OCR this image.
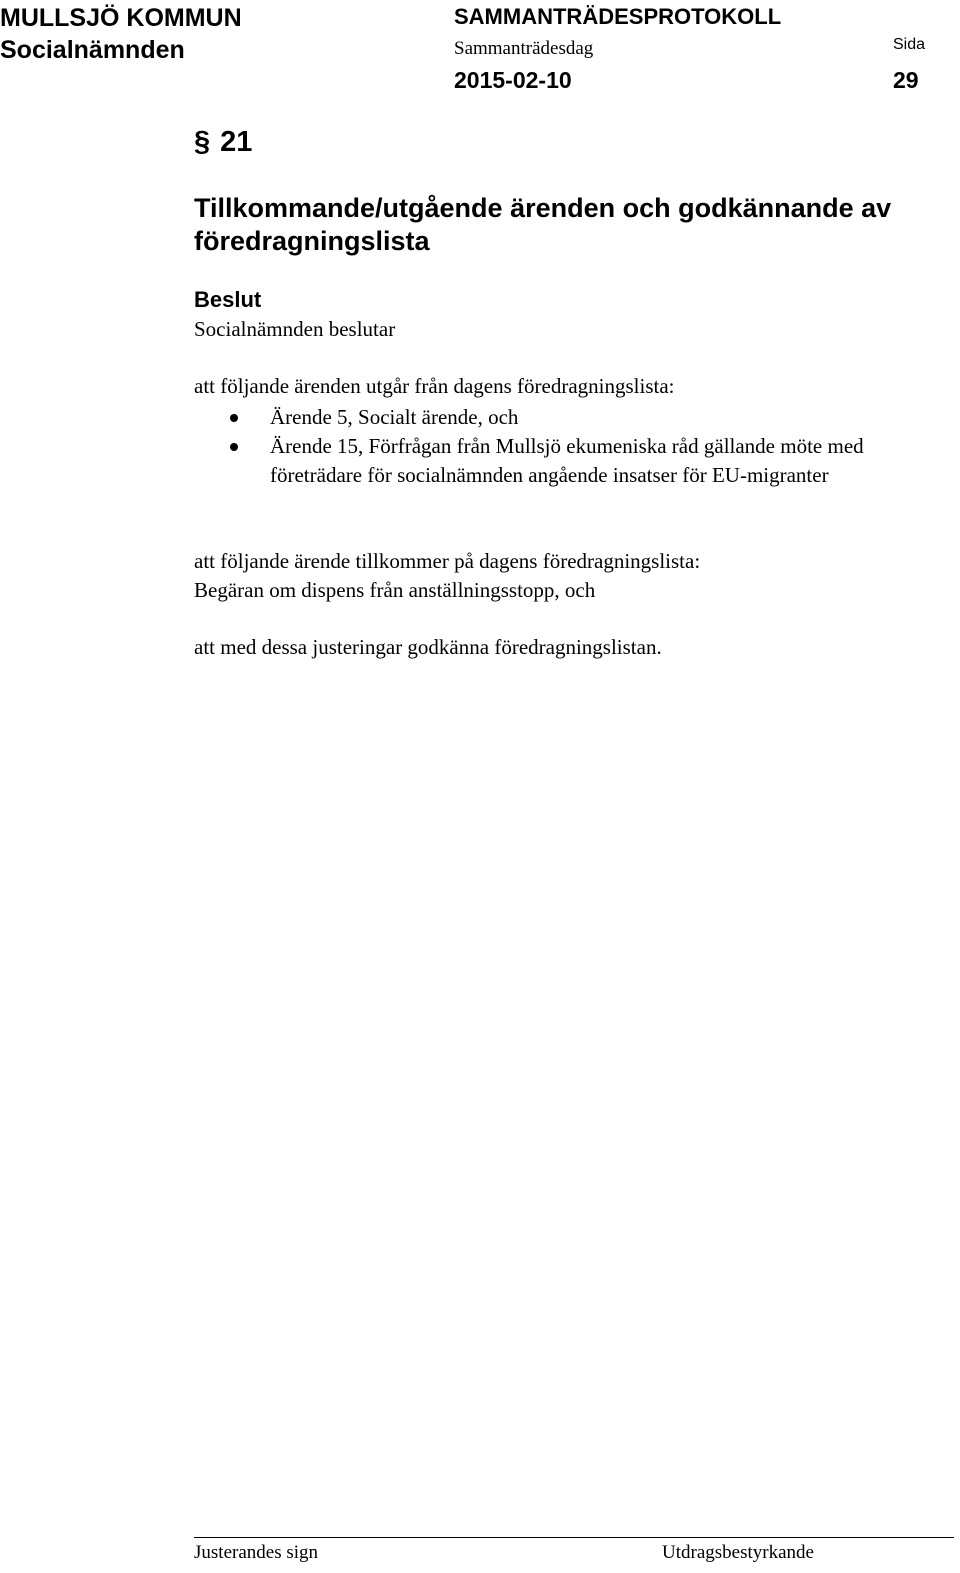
MULLSJÖ KOMMUN
Socialnämnden
SAMMANTRÄDESPROTOKOLL
Sammanträdesdag
2015-02-10
Sida
29
§ 21
Tillkommande/utgående ärenden och godkännande av föredragningslista
Beslut
Socialnämnden beslutar
att följande ärenden utgår från dagens föredragningslista:
Ärende 5, Socialt ärende, och
Ärende 15, Förfrågan från Mullsjö ekumeniska råd gällande möte med företrädare för socialnämnden angående insatser för EU-migranter
att följande ärende tillkommer på dagens föredragningslista:
Begäran om dispens från anställningsstopp, och
att med dessa justeringar godkänna föredragningslistan.
Justerandes sign	Utdragsbestyrkande
